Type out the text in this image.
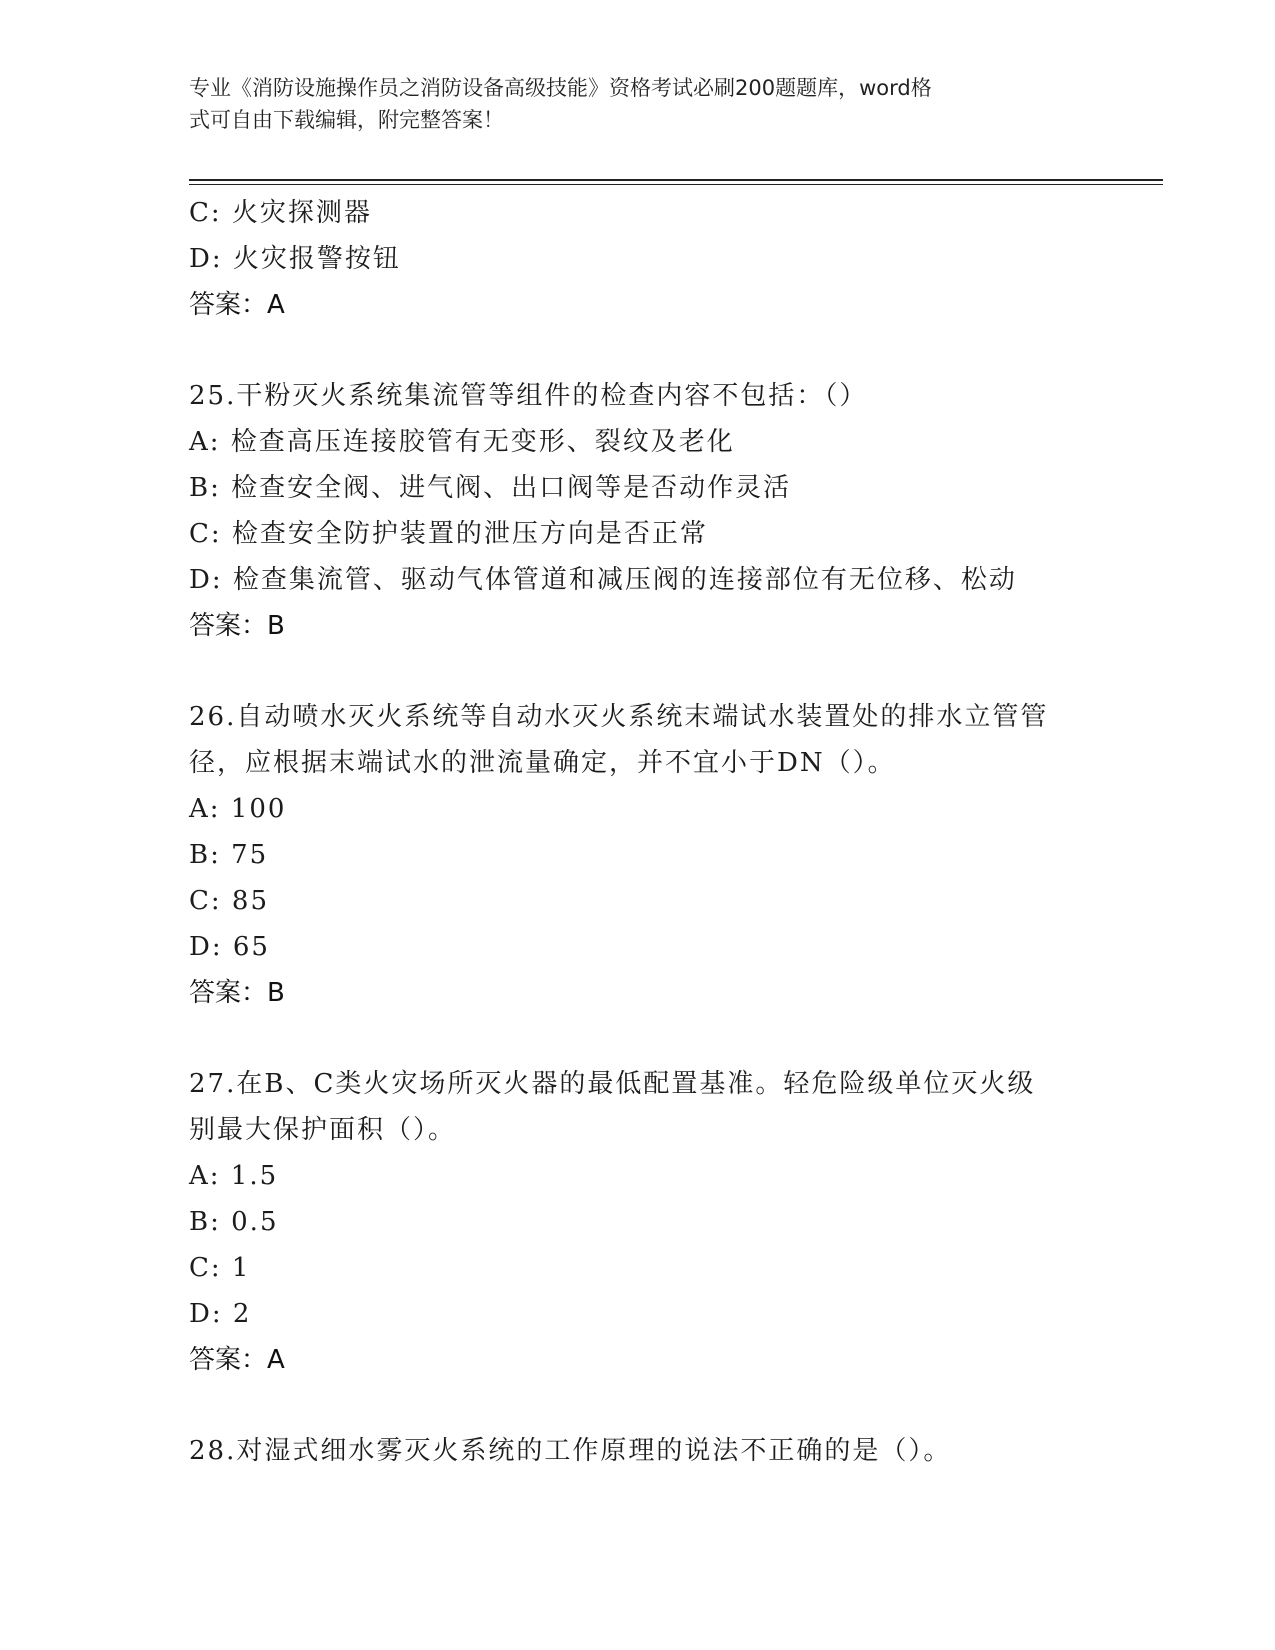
专业《消防设施操作员之消防设备高级技能》资格考试必刷200题题库，word格
式可自由下载编辑，附完整答案！
C: 火灾探测器
D: 火灾报警按钮
答案：A
25.干粉灭火系统集流管等组件的检查内容不包括：（）
A: 检查高压连接胶管有无变形、裂纹及老化
B: 检查安全阀、进气阀、出口阀等是否动作灵活
C: 检查安全防护装置的泄压方向是否正常
D: 检查集流管、驱动气体管道和减压阀的连接部位有无位移、松动
答案：B
26.自动喷水灭火系统等自动水灭火系统末端试水装置处的排水立管管
径，应根据末端试水的泄流量确定，并不宜小于DN（）。
A: 100
B: 75
C: 85
D: 65
答案：B
27.在B、C类火灾场所灭火器的最低配置基准。轻危险级单位灭火级
别最大保护面积（）。
A: 1.5
B: 0.5
C: 1
D: 2
答案：A
28.对湿式细水雾灭火系统的工作原理的说法不正确的是（）。
